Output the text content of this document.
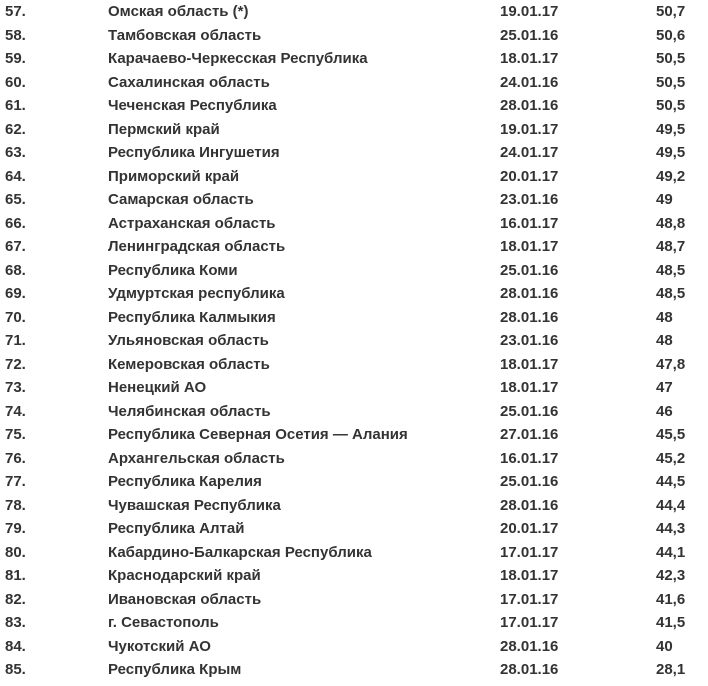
57.	Омская область (*)	19.01.17	50,7
58.	Тамбовская область	25.01.16	50,6
59.	Карачаево-Черкесская Республика	18.01.17	50,5
60.	Сахалинская область	24.01.16	50,5
61.	Чеченская Республика	28.01.16	50,5
62.	Пермский край	19.01.17	49,5
63.	Республика Ингушетия	24.01.17	49,5
64.	Приморский край	20.01.17	49,2
65.	Самарская область	23.01.16	49
66.	Астраханская область	16.01.17	48,8
67.	Ленинградская область	18.01.17	48,7
68.	Республика Коми	25.01.16	48,5
69.	Удмуртская республика	28.01.16	48,5
70.	Республика Калмыкия	28.01.16	48
71.	Ульяновская область	23.01.16	48
72.	Кемеровская область	18.01.17	47,8
73.	Ненецкий АО	18.01.17	47
74.	Челябинская область	25.01.16	46
75.	Республика Северная Осетия — Алания	27.01.16	45,5
76.	Архангельская область	16.01.17	45,2
77.	Республика Карелия	25.01.16	44,5
78.	Чувашская Республика	28.01.16	44,4
79.	Республика Алтай	20.01.17	44,3
80.	Кабардино-Балкарская Республика	17.01.17	44,1
81.	Краснодарский край	18.01.17	42,3
82.	Ивановская область	17.01.17	41,6
83.	г. Севастополь	17.01.17	41,5
84.	Чукотский АО	28.01.16	40
85.	Республика Крым	28.01.16	28,1
